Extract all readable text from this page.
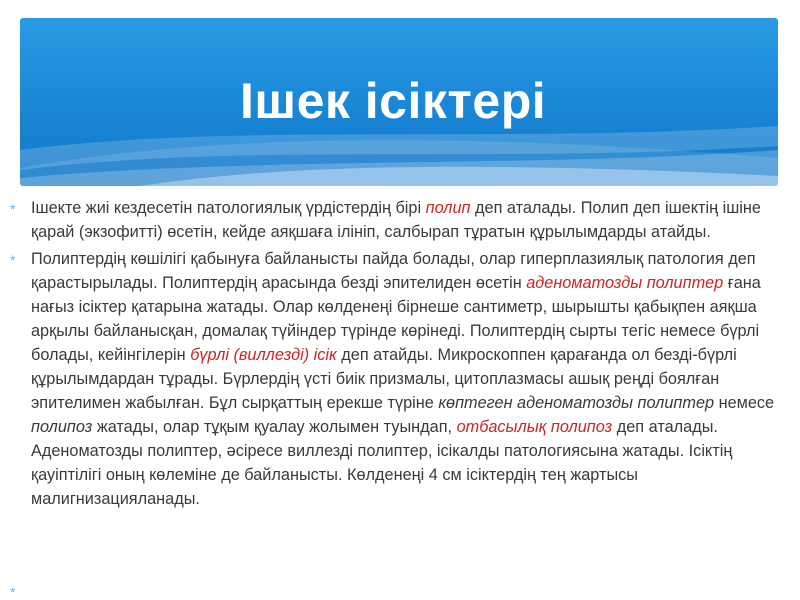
Ішек ісіктері

* Ішекте жиі кездесетін патологиялық үрдістердің бірі полип деп аталады. Полип деп ішектің ішіне қарай (экзофитті) өсетін, кейде аяқшаға ілініп, салбырап тұратын құрылымдарды атайды.

* Полиптердің көшілігі қабынуға байланысты пайда болады, олар гиперплазиялық патология деп қарастырылады. Полиптердің арасында безді эпителиден өсетін аденоматозды полиптер ғана нағыз ісіктер қатарына жатады. Олар көлденеңі бірнеше сантиметр, шырышты қабықпен аяқша арқылы байланысқан, домалақ түйіндер түрінде көрінеді. Полиптердің сырты тегіс немесе бүрлі болады, кейінгілерін бүрлі (виллезді) ісік деп атайды. Микроскоппен қарағанда ол безді-бүрлі құрылымдардан тұрады. Бүрлердің үсті биік призмалы, цитоплазмасы ашық реңді боялған эпителимен жабылған. Бұл сырқаттың ерекше түріне көптеген аденоматозды полиптер немесе полипоз жатады, олар тұқым қуалау жолымен туындап, отбасылық полипоз деп аталады. Аденоматозды полиптер, әсіресе виллезді полиптер, ісікалды патологиясына жатады. Ісіктің қауіптілігі оның көлеміне де байланысты. Көлденеңі 4 см ісіктердің тең жартысы малигнизацияланады.

*
